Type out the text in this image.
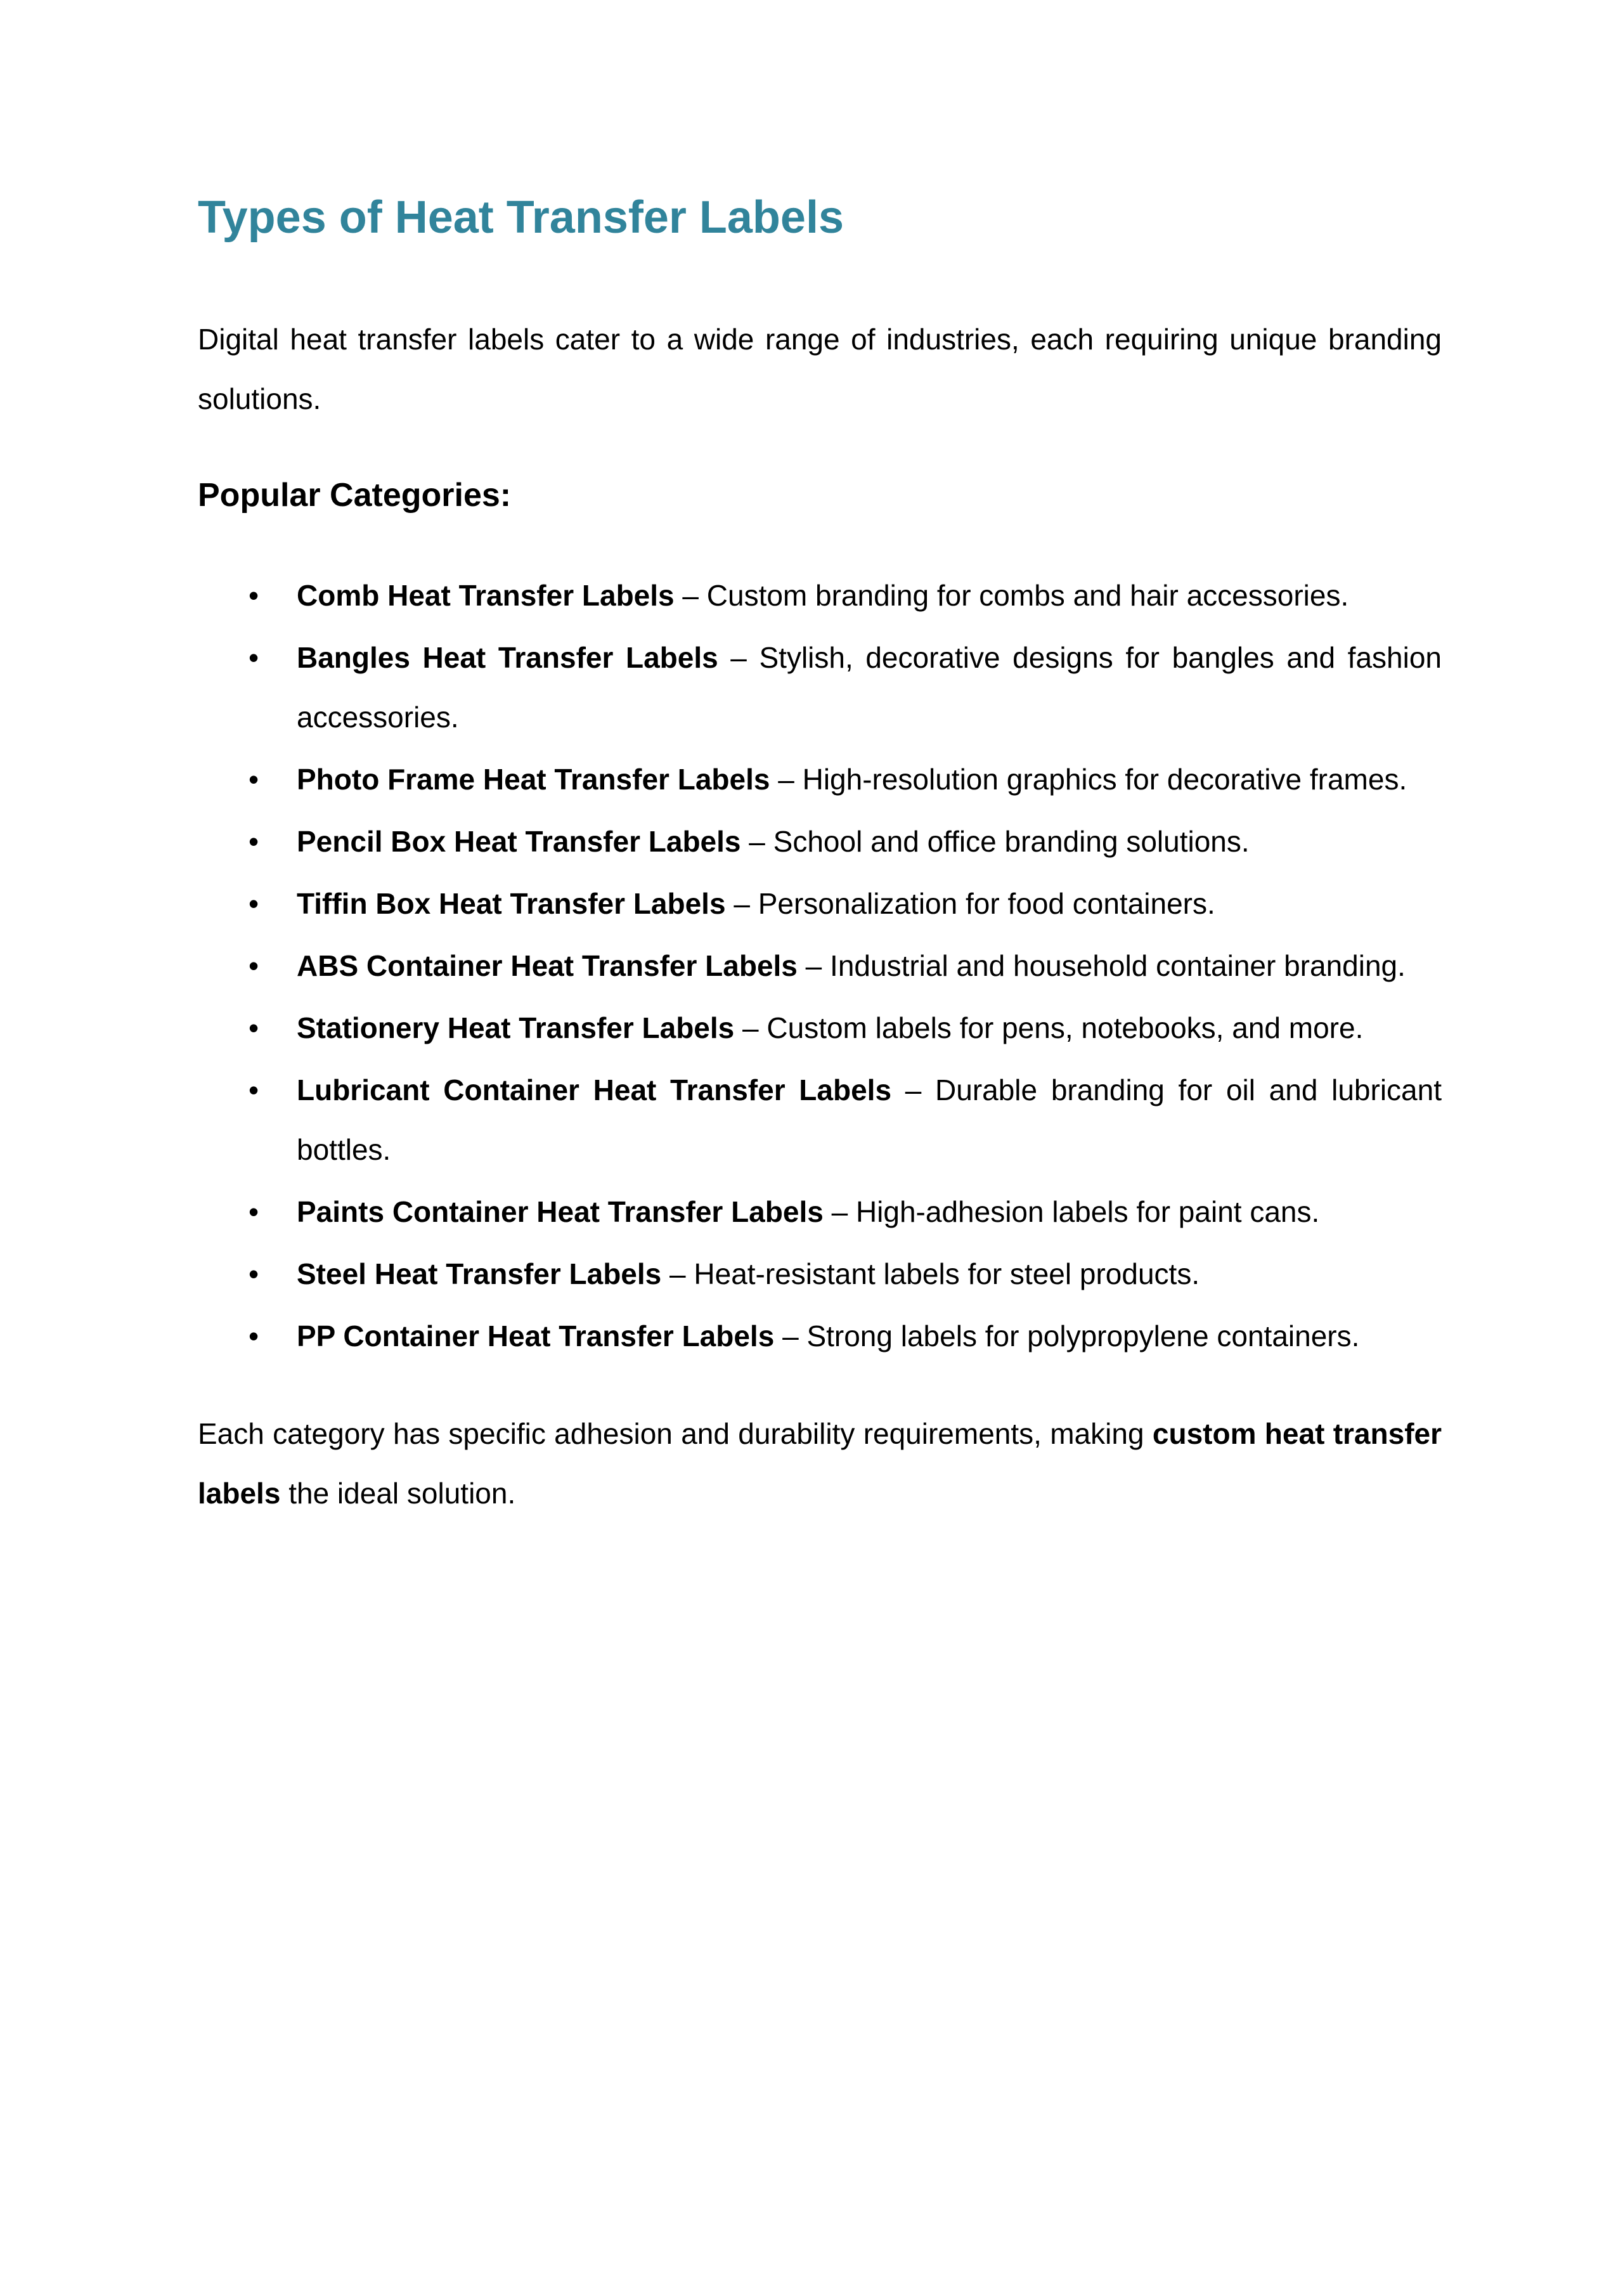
Types of Heat Transfer Labels

Digital heat transfer labels cater to a wide range of industries, each requiring unique branding solutions.

Popular Categories:
• Comb Heat Transfer Labels – Custom branding for combs and hair accessories.
• Bangles Heat Transfer Labels – Stylish, decorative designs for bangles and fashion accessories.
• Photo Frame Heat Transfer Labels – High-resolution graphics for decorative frames.
• Pencil Box Heat Transfer Labels – School and office branding solutions.
• Tiffin Box Heat Transfer Labels – Personalization for food containers.
• ABS Container Heat Transfer Labels – Industrial and household container branding.
• Stationery Heat Transfer Labels – Custom labels for pens, notebooks, and more.
• Lubricant Container Heat Transfer Labels – Durable branding for oil and lubricant bottles.
• Paints Container Heat Transfer Labels – High-adhesion labels for paint cans.
• Steel Heat Transfer Labels – Heat-resistant labels for steel products.
• PP Container Heat Transfer Labels – Strong labels for polypropylene containers.

Each category has specific adhesion and durability requirements, making custom heat transfer labels the ideal solution.
